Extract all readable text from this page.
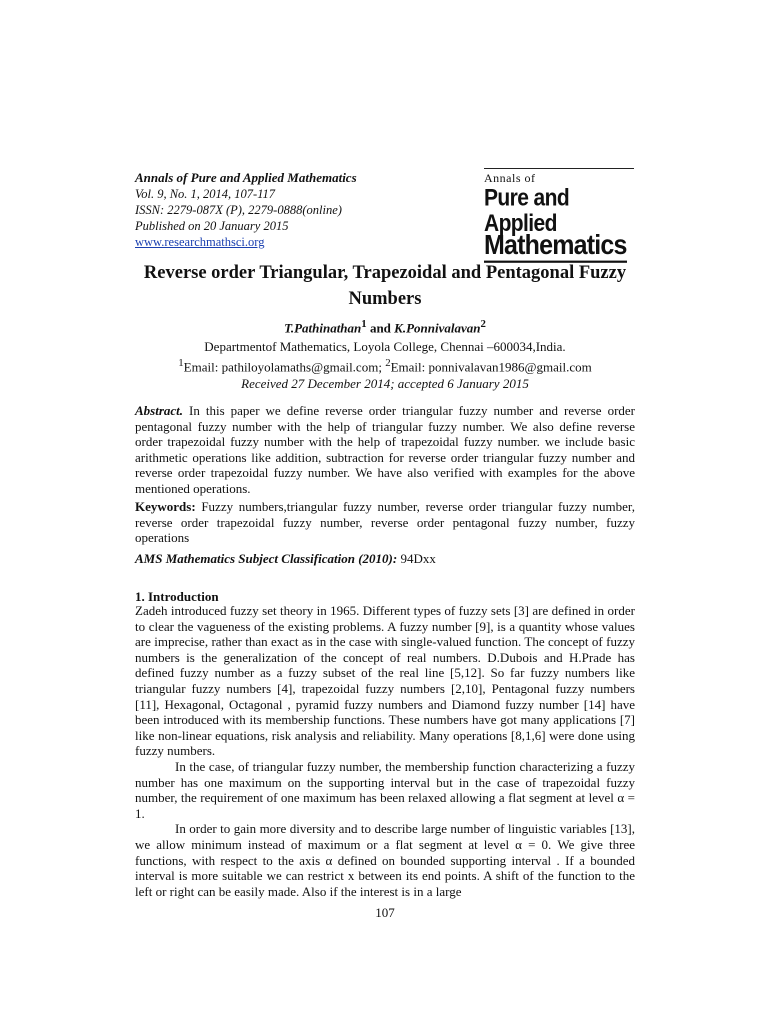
Annals of Pure and Applied Mathematics
Vol. 9, No. 1, 2014, 107-117
ISSN: 2279-087X (P), 2279-0888(online)
Published on 20 January 2015
www.researchmathsci.org
Annals of
Pure and Applied
Mathematics
Reverse order Triangular, Trapezoidal and Pentagonal Fuzzy Numbers
T.Pathinathan$^1$ and K.Ponnivalavan$^2$
Departmentof Mathematics, Loyola College, Chennai –600034,India.
$^1$Email: pathiloyolamaths@gmail.com; $^2$Email: ponnivalavan1986@gmail.com
Received 27 December 2014; accepted 6 January 2015
Abstract. In this paper we define reverse order triangular fuzzy number and reverse order pentagonal fuzzy number with the help of triangular fuzzy number. We also define reverse order trapezoidal fuzzy number with the help of trapezoidal fuzzy number. we include basic arithmetic operations like addition, subtraction for reverse order triangular fuzzy number and reverse order trapezoidal fuzzy number. We have also verified with examples for the above mentioned operations.
Keywords: Fuzzy numbers,triangular fuzzy number, reverse order triangular fuzzy number, reverse order trapezoidal fuzzy number, reverse order pentagonal fuzzy number, fuzzy operations
AMS Mathematics Subject Classification (2010): 94Dxx
1. Introduction

Zadeh introduced fuzzy set theory in 1965. Different types of fuzzy sets [3] are defined in order to clear the vagueness of the existing problems. A fuzzy number [9], is a quantity whose values are imprecise, rather than exact as in the case with single-valued function. The concept of fuzzy numbers is the generalization of the concept of real numbers. D.Dubois and H.Prade has defined fuzzy number as a fuzzy subset of the real line [5,12]. So far fuzzy numbers like triangular fuzzy numbers [4], trapezoidal fuzzy numbers [2,10], Pentagonal fuzzy numbers [11], Hexagonal, Octagonal , pyramid fuzzy numbers and Diamond fuzzy number [14] have been introduced with its membership functions. These numbers have got many applications [7] like non-linear equations, risk analysis and reliability. Many operations [8,1,6] were done using fuzzy numbers.

In the case, of triangular fuzzy number, the membership function characterizing a fuzzy number has one maximum on the supporting interval but in the case of trapezoidal fuzzy number, the requirement of one maximum has been relaxed allowing a flat segment at level α = 1.

In order to gain more diversity and to describe large number of linguistic variables [13], we allow minimum instead of maximum or a flat segment at level α = 0. We give three functions, with respect to the axis α defined on bounded supporting interval . If a bounded interval is more suitable we can restrict x between its end points. A shift of the function to the left or right can be easily made. Also if the interest is in a large

107
